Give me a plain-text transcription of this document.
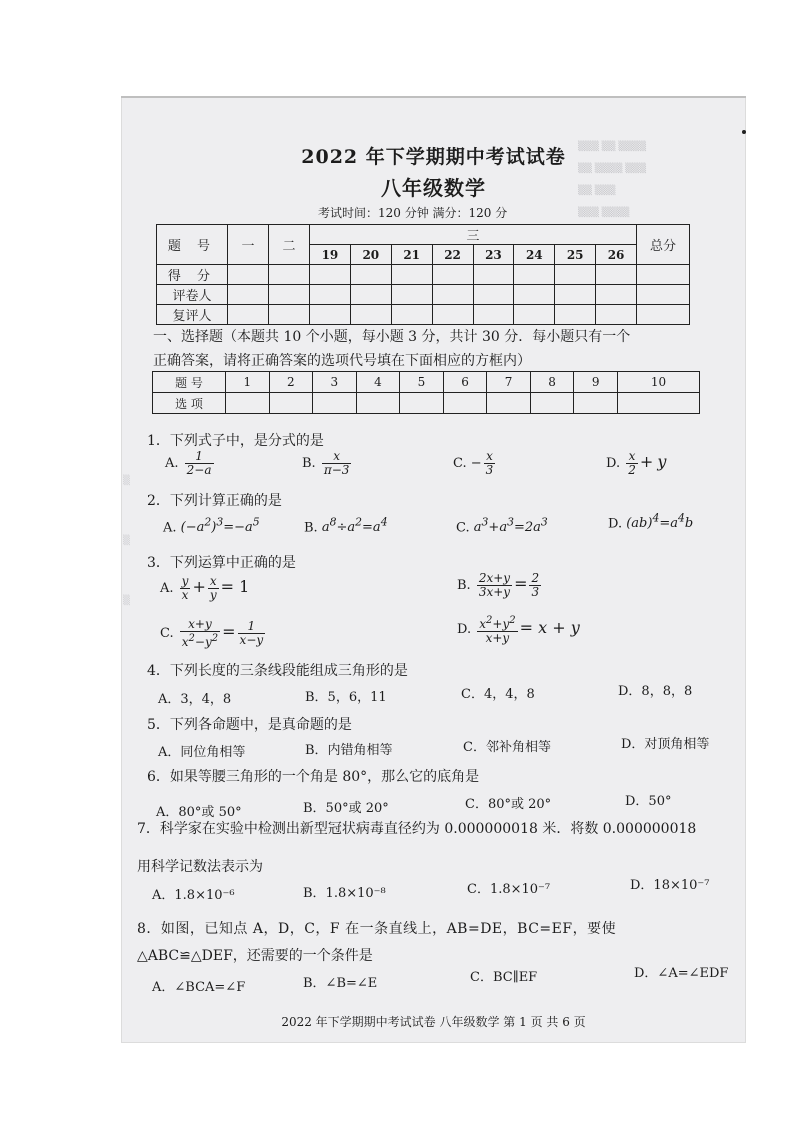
▒▒▒ ▒▒ ▒▒▒▒
▒▒ ▒▒▒▒ ▒▒▒
▒▒ ▒▒▒
▒▒▒ ▒▒▒▒
▒
▒
▒
2022 年下学期期中考试试卷
八年级数学
考试时间：120 分钟 满分：120 分
题 号	一	二	三								总分
			19	20	21	22	23	24	25	26	
得 分											
评卷人											
复评人											
一、选择题（本题共 10 个小题，每小题 3 分，共计 30 分．每小题只有一个
正确答案，请将正确答案的选项代号填在下面相应的方框内）
题 号	1	2	3	4	5	6	7	8	9	10
选 项										
1．下列式子中，是分式的是
A. $\frac{1}{2-a}$	B. $\frac{x}{\pi-3}$	C. − $\frac{x}{3}$	D. $\frac{x}{2} + y$
2．下列计算正确的是
A. $(-a^2)^3=-a^5$	B. $a^8\div a^2=a^4$	C. $a^3+a^3=2a^3$	D. $(ab)^4=a^4b$
3．下列运算中正确的是
A. $\frac{y}{x} + \frac{x}{y} = 1$	B. $\frac{2x+y}{3x+y} = \frac{2}{3}$
C. $\frac{x+y}{x^2-y^2} = \frac{1}{x-y}$	D. $\frac{x^2+y^2}{x+y} = x + y$
4．下列长度的三条线段能组成三角形的是
A．3，4，8	B．5，6，11	C．4，4，8	D．8，8，8
5．下列各命题中，是真命题的是
A．同位角相等	B．内错角相等	C．邻补角相等	D．对顶角相等
6．如果等腰三角形的一个角是 80°，那么它的底角是
A．80°或 50°	B．50°或 20°	C．80°或 20°	D．50°
7．科学家在实验中检测出新型冠状病毒直径约为 0.000000018 米．将数 0.000000018
用科学记数法表示为
A．1.8×10⁻⁶	B．1.8×10⁻⁸	C．1.8×10⁻⁷	D．18×10⁻⁷
8．如图，已知点 A，D，C，F 在一条直线上，AB=DE，BC=EF，要使
△ABC≌△DEF，还需要的一个条件是
A．∠BCA=∠F	B．∠B=∠E	C．BC∥EF	D．∠A=∠EDF
2022 年下学期期中考试试卷 八年级数学 第 1 页 共 6 页
